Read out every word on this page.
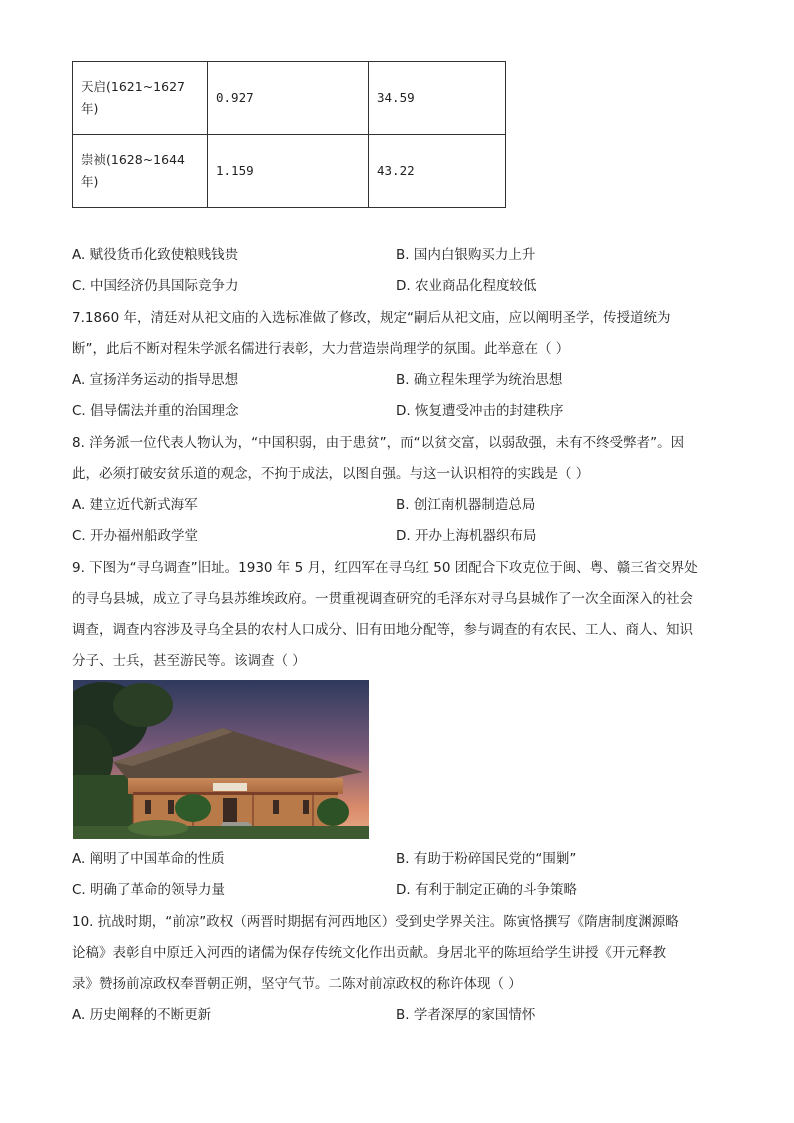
天启(1621~1627
年)	0.927	34.59

崇祯(1628~1644
年)	1.159	43.22
A. 赋役货币化致使粮贱钱贵	B. 国内白银购买力上升
C. 中国经济仍具国际竞争力	D. 农业商品化程度较低
7.1860 年，清廷对从祀文庙的入选标准做了修改，规定“嗣后从祀文庙，应以阐明圣学，传授道统为
断”，此后不断对程朱学派名儒进行表彰，大力营造崇尚理学的氛围。此举意在（ ）
A. 宣扬洋务运动的指导思想	B. 确立程朱理学为统治思想
C. 倡导儒法并重的治国理念	D. 恢复遭受冲击的封建秩序
8. 洋务派一位代表人物认为，“中国积弱，由于患贫”，而“以贫交富，以弱敌强，未有不终受弊者”。因
此，必须打破安贫乐道的观念，不拘于成法，以图自强。与这一认识相符的实践是（ ）
A. 建立近代新式海军	B. 创江南机器制造总局
C. 开办福州船政学堂	D. 开办上海机器织布局
9. 下图为“寻乌调查”旧址。1930 年 5 月，红四军在寻乌红 50 团配合下攻克位于闽、粤、赣三省交界处
的寻乌县城，成立了寻乌县苏维埃政府。一贯重视调查研究的毛泽东对寻乌县城作了一次全面深入的社会
调查，调查内容涉及寻乌全县的农村人口成分、旧有田地分配等，参与调查的有农民、工人、商人、知识
分子、士兵，甚至游民等。该调查（ ）
A. 阐明了中国革命的性质	B. 有助于粉碎国民党的“围剿”
C. 明确了革命的领导力量	D. 有利于制定正确的斗争策略
10. 抗战时期，“前凉”政权（两晋时期据有河西地区）受到史学界关注。陈寅恪撰写《隋唐制度渊源略
论稿》表彰自中原迁入河西的诸儒为保存传统文化作出贡献。身居北平的陈垣给学生讲授《开元释教
录》赞扬前凉政权奉晋朝正朔，坚守气节。二陈对前凉政权的称许体现（ ）
A. 历史阐释的不断更新	B. 学者深厚的家国情怀
